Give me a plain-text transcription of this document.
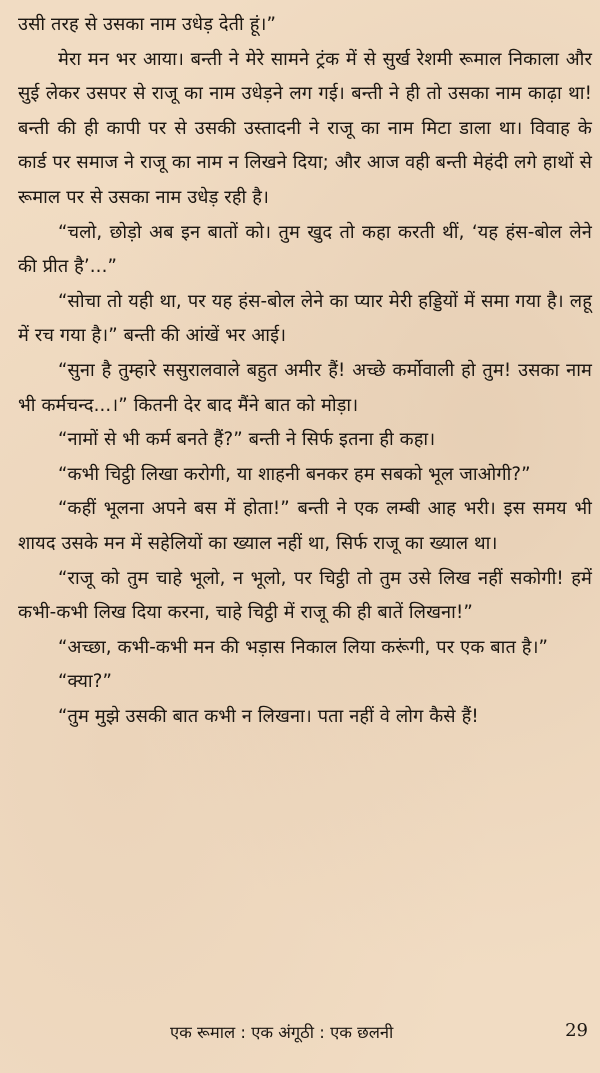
उसी तरह से उसका नाम उधेड़ देती हूं।”

मेरा मन भर आया। बन्ती ने मेरे सामने ट्रंक में से सुर्ख रेशमी रूमाल निकाला और सुई लेकर उसपर से राजू का नाम उधेड़ने लग गई। बन्ती ने ही तो उसका नाम काढ़ा था! बन्ती की ही कापी पर से उसकी उस्तादनी ने राजू का नाम मिटा डाला था। विवाह के कार्ड पर समाज ने राजू का नाम न लिखने दिया; और आज वही बन्ती मेहंदी लगे हाथों से रूमाल पर से उसका नाम उधेड़ रही है।

“चलो, छोड़ो अब इन बातों को। तुम खुद तो कहा करती थीं, ‘यह हंस-बोल लेने की प्रीत है’...”

“सोचा तो यही था, पर यह हंस-बोल लेने का प्यार मेरी हड्डियों में समा गया है। लहू में रच गया है।” बन्ती की आंखें भर आई।

“सुना है तुम्हारे ससुरालवाले बहुत अमीर हैं! अच्छे कर्मोवाली हो तुम! उसका नाम भी कर्मचन्द...।” कितनी देर बाद मैंने बात को मोड़ा।

“नामों से भी कर्म बनते हैं?” बन्ती ने सिर्फ इतना ही कहा।

“कभी चिट्ठी लिखा करोगी, या शाहनी बनकर हम सबको भूल जाओगी?”

“कहीं भूलना अपने बस में होता!” बन्ती ने एक लम्बी आह भरी। इस समय भी शायद उसके मन में सहेलियों का ख्याल नहीं था, सिर्फ राजू का ख्याल था।

“राजू को तुम चाहे भूलो, न भूलो, पर चिट्ठी तो तुम उसे लिख नहीं सकोगी! हमें कभी-कभी लिख दिया करना, चाहे चिट्ठी में राजू की ही बातें लिखना!”

“अच्छा, कभी-कभी मन की भड़ास निकाल लिया करूंगी, पर एक बात है।”

“क्या?”

“तुम मुझे उसकी बात कभी न लिखना। पता नहीं वे लोग कैसे हैं!

एक रूमाल : एक अंगूठी : एक छलनी	29
